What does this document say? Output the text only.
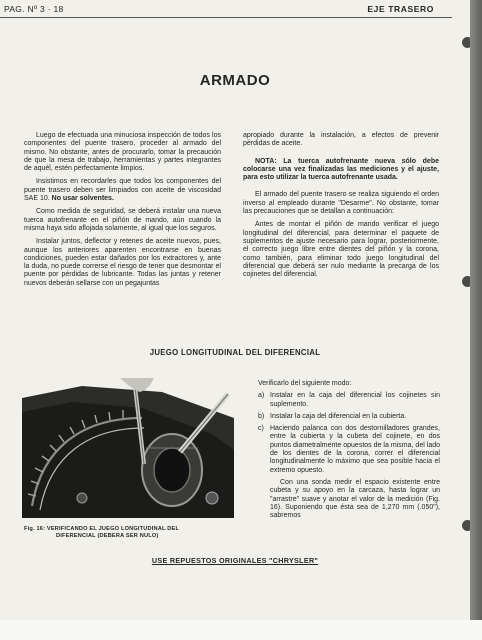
PAG. Nº 3 · 18	EJE TRASERO
ARMADO

Luego de efectuada una minuciosa inspección de todos los componentes del puente trasero, proceder al armado del mismo. No obstante, antes de procurarlo, tomar la precaución de que la mesa de trabajo, herramientas y partes integrantes de aquél, estén perfectamente limpios.

Insistimos en recordarles que todos los componentes del puente trasero deben ser limpiados con aceite de viscosidad SAE 10. No usar solventes.

Como medida de seguridad, se deberá instalar una nueva tuerca autofrenante en el piñón de mando, aún cuando la misma haya sido aflojada solamente, al igual que los seguros.

Instalar juntos, deflector y retenes de aceite nuevos, pues, aunque los anteriores aparenten encontrarse en buenas condiciones, pueden estar dañados por los extractores y, ante la duda, no puede correrse el riesgo de tener que desmontar el puente por pérdidas de lubricante. Todas las juntas y retener nuevos deberán sellarse con un pegajuntas

apropiado durante la instalación, a efectos de prevenir pérdidas de aceite.

NOTA: La tuerca autofrenante nueva sólo debe colocarse una vez finalizadas las mediciones y el ajuste, para esto utilizar la tuerca autofrenante usada.

El armado del puente trasero se realiza siguiendo el orden inverso al empleado durante "Desarme". No obstante, tomar las precauciones que se detallan a continuación:

Antes de montar el piñón de mando verificar el juego longitudinal del diferencial, para determinar el paquete de suplementos de ajuste necesario para lograr, posteriormente, el correcto juego libre entre dientes del piñón y la corona, como también, para eliminar todo juego longitudinal del diferencial que deberá ser nulo mediante la precarga de los cojinetes del diferencial.

JUEGO LONGITUDINAL DEL DIFERENCIAL
Fig. 16: VERIFICANDO EL JUEGO LONGITUDINAL DEL
DIFERENCIAL (DEBERA SER NULO)

Verificarlo del siguiente modo:

a) Instalar en la caja del diferencial los cojinetes sin suplemento.
b) Instalar la caja del diferencial en la cubierta.
c) Haciendo palanca con dos destornilladores grandes, entre la cubierta y la cubeta del cojinete, en dos puntos diametralmente opuestos de la misma, del lado de los dientes de la corona, correr el diferencial longitudinalmente lo máximo que sea posible hacia el extremo opuesto.

Con una sonda medir el espacio existente entre cubeta y su apoyo en la carcaza, hasta lograr un "arrastre" suave y anotar el valor de la medición (Fig. 16). Suponiendo que ésta sea de 1,270 mm (.050"), sabremos

USE REPUESTOS ORIGINALES "CHRYSLER"
